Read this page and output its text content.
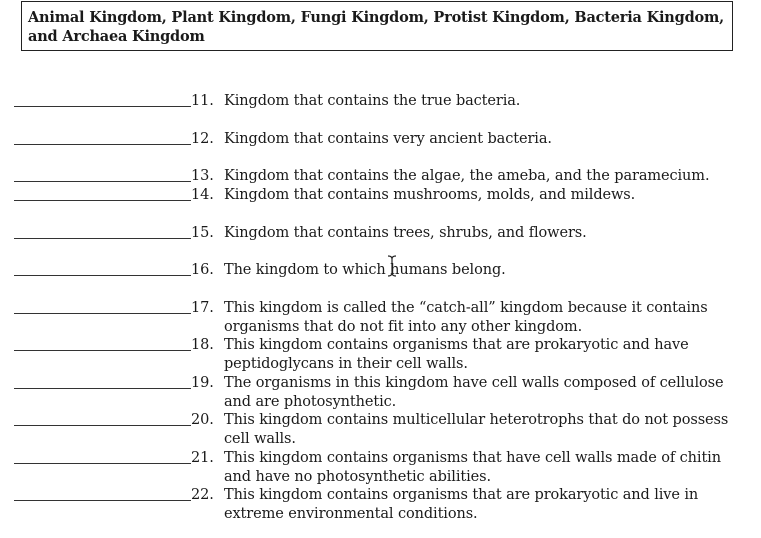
Animal Kingdom, Plant Kingdom, Fungi Kingdom, Protist Kingdom, Bacteria Kingdom, and Archaea Kingdom
11. Kingdom that contains the true bacteria.
12. Kingdom that contains very ancient bacteria.
13. Kingdom that contains the algae, the ameba, and the paramecium.
14. Kingdom that contains mushrooms, molds, and mildews.
15. Kingdom that contains trees, shrubs, and flowers.
16. The kingdom to which humans belong.
17. This kingdom is called the “catch-all” kingdom because it contains organisms that do not fit into any other kingdom.
18. This kingdom contains organisms that are prokaryotic and have peptidoglycans in their cell walls.
19. The organisms in this kingdom have cell walls composed of cellulose and are photosynthetic.
20. This kingdom contains multicellular heterotrophs that do not possess cell walls.
21. This kingdom contains organisms that have cell walls made of chitin and have no photosynthetic abilities.
22. This kingdom contains organisms that are prokaryotic and live in extreme environmental conditions.
